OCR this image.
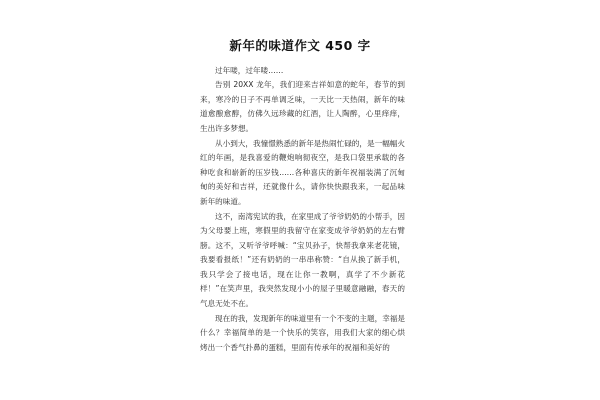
新年的味道作文 450 字

过年喽，过年喽……

告别 20XX 龙年，我们迎来吉祥如意的蛇年，春节的到来，寒冷的日子不再单调乏味，一天比一天热闹，新年的味道愈酿愈醇，仿佛久远珍藏的红酒，让人陶醉，心里痒痒，生出许多梦想。

从小到大，我憧憬熟悉的新年是热闹忙碌的，是一幅幅火红的年画，是我喜爱的鞭炮响彻夜空，是我口袋里承载的各种吃食和崭新的压岁钱……各种喜庆的新年祝福装满了沉甸甸的美好和吉祥，还就像什么，请你快快跟我来，一起品味新年的味道。

这不，南湾宪试的我，在家里成了爷爷奶奶的小帮手，因为父母要上班，寒假里的我留守在家变成爷爷奶奶的左右臂膀。这不，又听爷爷呼喊：“宝贝孙子，快帮我拿来老花镜，我要看报纸！”还有奶奶的一串串称赞：“自从换了新手机，我只学会了接电话，现在让你一教啊，真学了不少新花样！”在笑声里，我突然发现小小的屋子里暖意融融，春天的气息无处不在。

现在的我，发现新年的味道里有一个不变的主题，幸福是什么？幸福简单的是一个快乐的笑容，用我们大家的细心烘烤出一个香气扑鼻的蛋糕，里面有传承年的祝福和美好的
